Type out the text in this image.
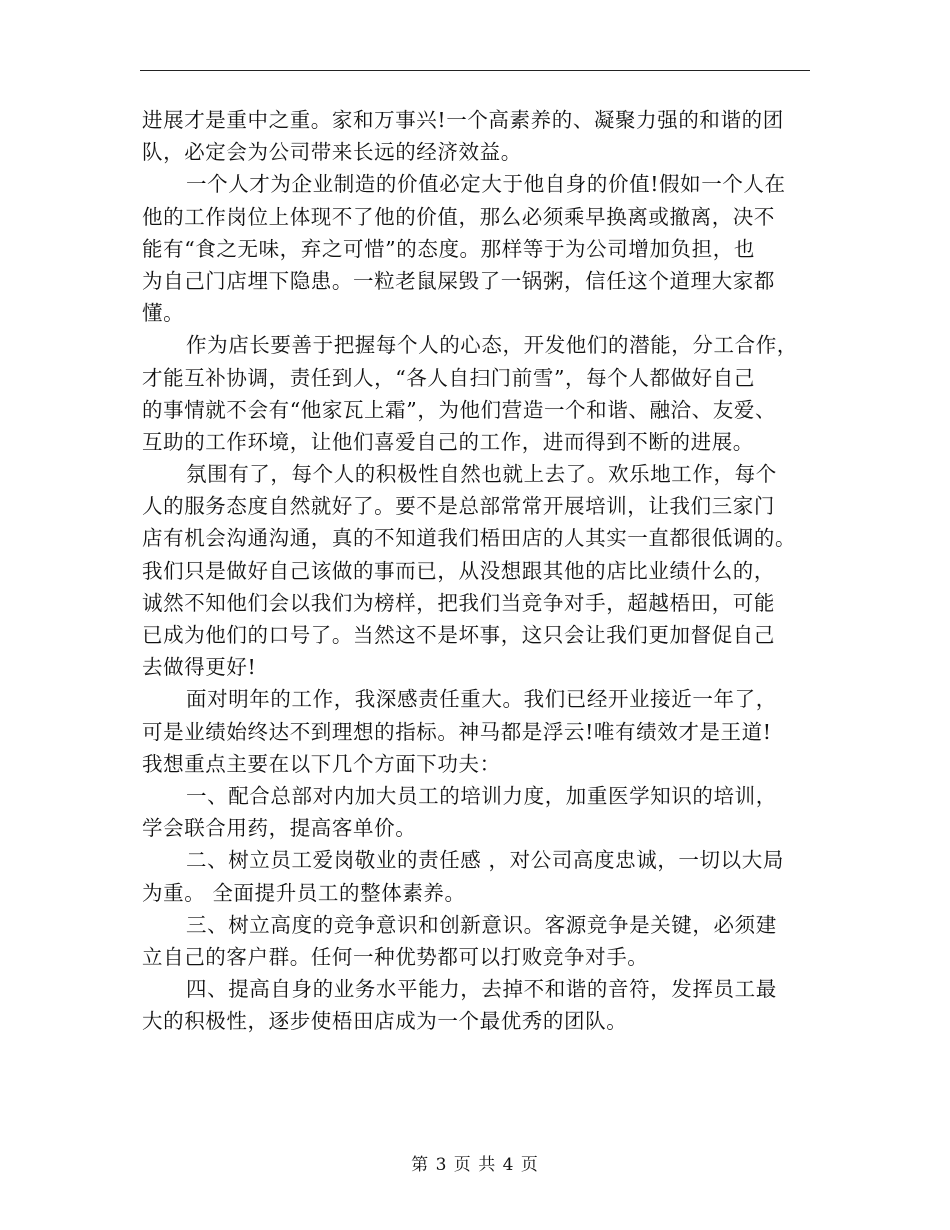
进展才是重中之重。家和万事兴!一个高素养的、凝聚力强的和谐的团
队，必定会为公司带来长远的经济效益。
一个人才为企业制造的价值必定大于他自身的价值!假如一个人在
他的工作岗位上体现不了他的价值，那么必须乘早换离或撤离，决不
能有“食之无味，弃之可惜”的态度。那样等于为公司增加负担，也
为自己门店埋下隐患。一粒老鼠屎毁了一锅粥，信任这个道理大家都
懂。
作为店长要善于把握每个人的心态，开发他们的潜能，分工合作，
才能互补协调，责任到人，“各人自扫门前雪”，每个人都做好自己
的事情就不会有“他家瓦上霜”，为他们营造一个和谐、融洽、友爱、
互助的工作环境，让他们喜爱自己的工作，进而得到不断的进展。
氛围有了，每个人的积极性自然也就上去了。欢乐地工作，每个
人的服务态度自然就好了。要不是总部常常开展培训，让我们三家门
店有机会沟通沟通，真的不知道我们梧田店的人其实一直都很低调的。
我们只是做好自己该做的事而已，从没想跟其他的店比业绩什么的，
诚然不知他们会以我们为榜样，把我们当竞争对手，超越梧田，可能
已成为他们的口号了。当然这不是坏事，这只会让我们更加督促自己
去做得更好!
面对明年的工作，我深感责任重大。我们已经开业接近一年了，
可是业绩始终达不到理想的指标。神马都是浮云!唯有绩效才是王道!
我想重点主要在以下几个方面下功夫：
一、配合总部对内加大员工的培训力度，加重医学知识的培训，
学会联合用药，提高客单价。
二、树立员工爱岗敬业的责任感 ，对公司高度忠诚，一切以大局
为重。 全面提升员工的整体素养。
三、树立高度的竞争意识和创新意识。客源竞争是关键，必须建
立自己的客户群。任何一种优势都可以打败竞争对手。
四、提高自身的业务水平能力，去掉不和谐的音符，发挥员工最
大的积极性，逐步使梧田店成为一个最优秀的团队。
第 3 页 共 4 页
